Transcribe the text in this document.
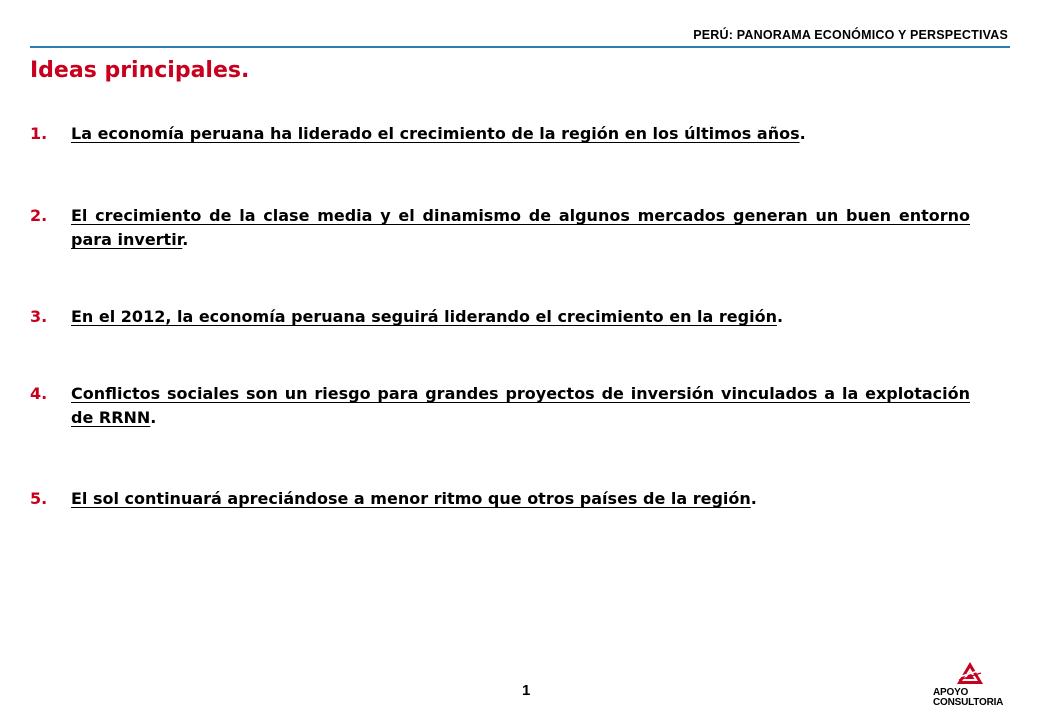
PERÚ: PANORAMA ECONÓMICO Y PERSPECTIVAS
Ideas principales.
1.	La economía peruana ha liderado el crecimiento de la región en los últimos años.
2.	El crecimiento de la clase media y el dinamismo de algunos mercados generan un buen entorno para invertir.
3.	En el 2012, la economía peruana seguirá liderando el crecimiento en la región.
4.	Conflictos sociales son un riesgo para grandes proyectos de inversión vinculados a la explotación de RRNN.
5.	El sol continuará apreciándose a menor ritmo que otros países de la región.
1	APOYO
CONSULTORIA
